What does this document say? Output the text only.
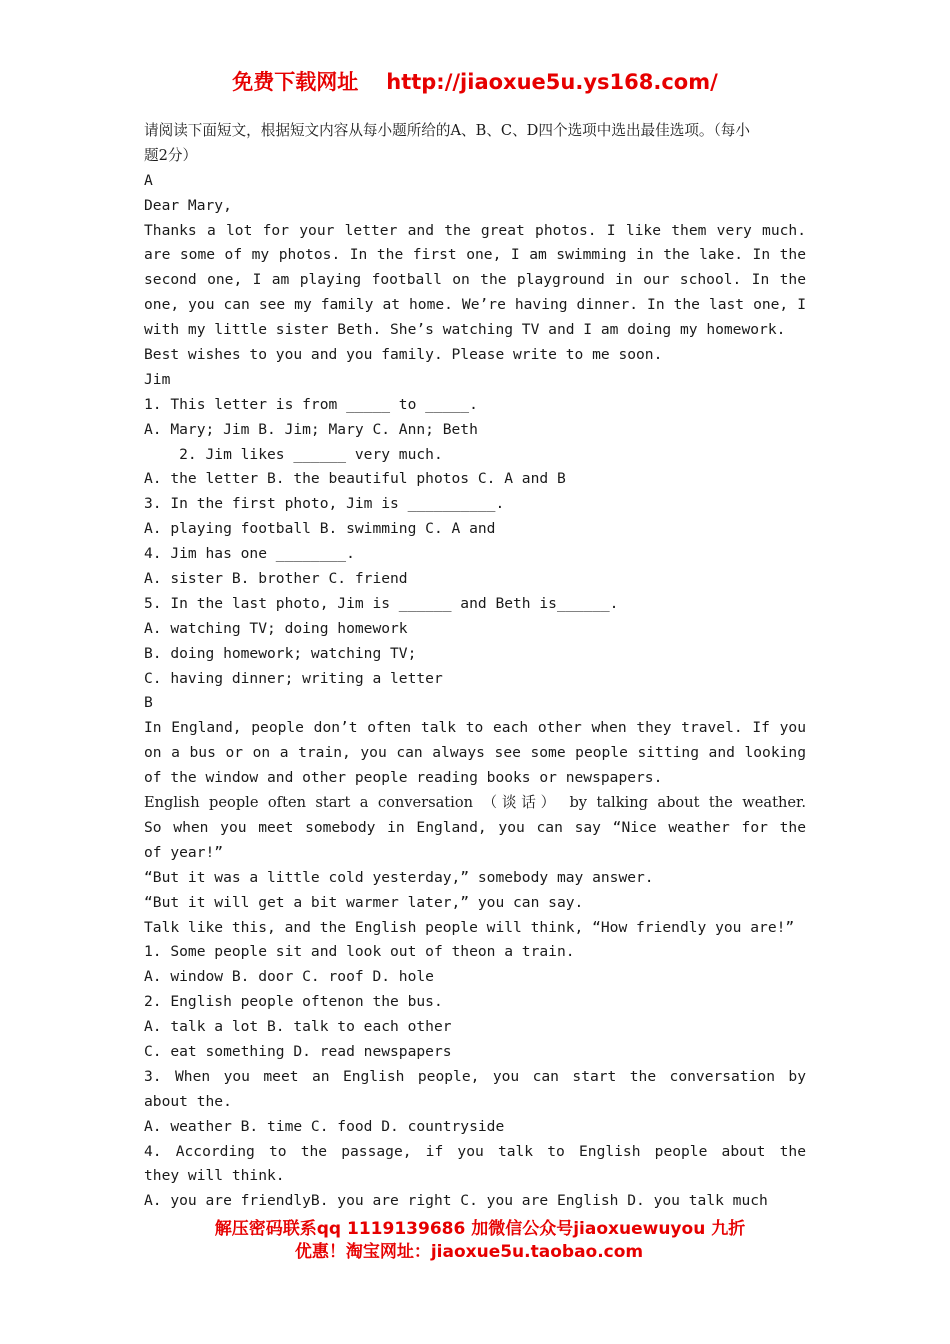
免费下载网址 http://jiaoxue5u.ys168.com/
请阅读下面短文，根据短文内容从每小题所给的A、B、C、D四个选项中选出最佳选项。（每小
题2分）
A
Dear Mary,
Thanks a lot for your letter and the great photos. I like them very much.
are some of my photos. In the first one, I am swimming in the lake. In the
second one, I am playing football on the playground in our school. In the
one, you can see my family at home. We’re having dinner. In the last one, I
with my little sister Beth. She’s watching TV and I am doing my homework.
Best wishes to you and you family. Please write to me soon.
Jim
1. This letter is from _____ to _____.
A. Mary; Jim B. Jim; Mary C. Ann; Beth
2. Jim likes ______ very much.
A. the letter B. the beautiful photos C. A and B
3. In the first photo, Jim is __________.
A. playing football B. swimming C. A and
4. Jim has one ________.
A. sister B. brother C. friend
5. In the last photo, Jim is ______ and Beth is______.
A. watching TV; doing homework
B. doing homework; watching TV;
C. having dinner; writing a letter
B
In England, people don’t often talk to each other when they travel. If you
on a bus or on a train, you can always see some people sitting and looking
of the window and other people reading books or newspapers.
English people often start a conversation （谈话） by talking about the weather.
So when you meet somebody in England, you can say “Nice weather for the
of year!”
“But it was a little cold yesterday,” somebody may answer.
“But it will get a bit warmer later,” you can say.
Talk like this, and the English people will think, “How friendly you are!”
1. Some people sit and look out of theon a train.
A. window B. door C. roof D. hole
2. English people oftenon the bus.
A. talk a lot B. talk to each other
C. eat something D. read newspapers
3. When you meet an English people, you can start the conversation by
about the.
A. weather B. time C. food D. countryside
4. According to the passage, if you talk to English people about the
they will think.
A. you are friendlyB. you are right C. you are English D. you talk much
解压密码联系qq 1119139686 加微信公众号jiaoxuewuyou 九折
优惠！淘宝网址：jiaoxue5u.taobao.com
